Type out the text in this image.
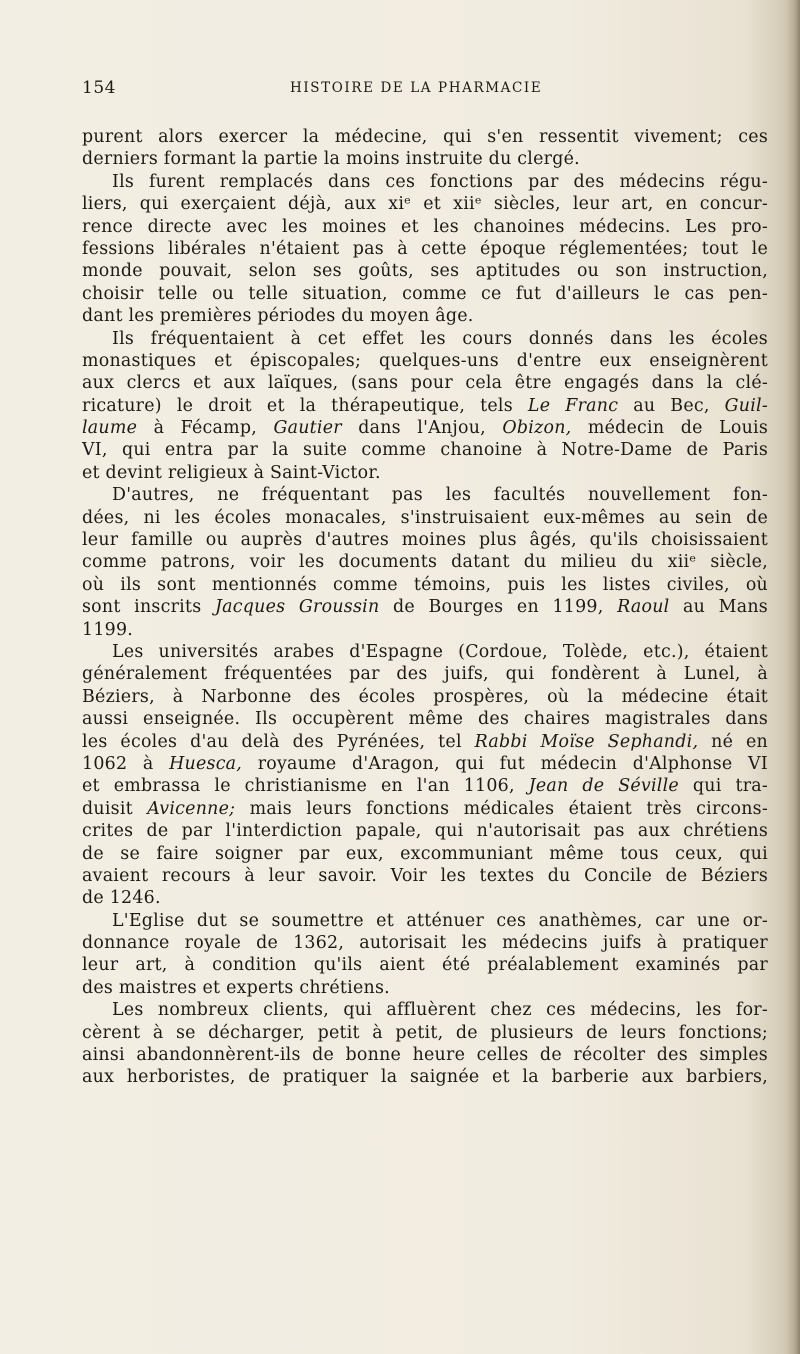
154	HISTOIRE DE LA PHARMACIE
purent alors exercer la médecine, qui s'en ressentit vivement; ces
derniers formant la partie la moins instruite du clergé.
Ils furent remplacés dans ces fonctions par des médecins régu-
liers, qui exerçaient déjà, aux xiᵉ et xiiᵉ siècles, leur art, en concur-
rence directe avec les moines et les chanoines médecins. Les pro-
fessions libérales n'étaient pas à cette époque réglementées; tout le
monde pouvait, selon ses goûts, ses aptitudes ou son instruction,
choisir telle ou telle situation, comme ce fut d'ailleurs le cas pen-
dant les premières périodes du moyen âge.
Ils fréquentaient à cet effet les cours donnés dans les écoles
monastiques et épiscopales; quelques-uns d'entre eux enseignèrent
aux clercs et aux laïques, (sans pour cela être engagés dans la clé-
ricature) le droit et la thérapeutique, tels Le Franc au Bec, Guil-
laume à Fécamp, Gautier dans l'Anjou, Obizon, médecin de Louis
VI, qui entra par la suite comme chanoine à Notre-Dame de Paris
et devint religieux à Saint-Victor.
D'autres, ne fréquentant pas les facultés nouvellement fon-
dées, ni les écoles monacales, s'instruisaient eux-mêmes au sein de
leur famille ou auprès d'autres moines plus âgés, qu'ils choisissaient
comme patrons, voir les documents datant du milieu du xiiᵉ siècle,
où ils sont mentionnés comme témoins, puis les listes civiles, où
sont inscrits Jacques Groussin de Bourges en 1199, Raoul au Mans
1199.
Les universités arabes d'Espagne (Cordoue, Tolède, etc.), étaient
généralement fréquentées par des juifs, qui fondèrent à Lunel, à
Béziers, à Narbonne des écoles prospères, où la médecine était
aussi enseignée. Ils occupèrent même des chaires magistrales dans
les écoles d'au delà des Pyrénées, tel Rabbi Moïse Sephandi, né en
1062 à Huesca, royaume d'Aragon, qui fut médecin d'Alphonse VI
et embrassa le christianisme en l'an 1106, Jean de Séville qui tra-
duisit Avicenne; mais leurs fonctions médicales étaient très circons-
crites de par l'interdiction papale, qui n'autorisait pas aux chrétiens
de se faire soigner par eux, excommuniant même tous ceux, qui
avaient recours à leur savoir. Voir les textes du Concile de Béziers
de 1246.
L'Eglise dut se soumettre et atténuer ces anathèmes, car une or-
donnance royale de 1362, autorisait les médecins juifs à pratiquer
leur art, à condition qu'ils aient été préalablement examinés par
des maistres et experts chrétiens.
Les nombreux clients, qui affluèrent chez ces médecins, les for-
cèrent à se décharger, petit à petit, de plusieurs de leurs fonctions;
ainsi abandonnèrent-ils de bonne heure celles de récolter des simples
aux herboristes, de pratiquer la saignée et la barberie aux barbiers,
